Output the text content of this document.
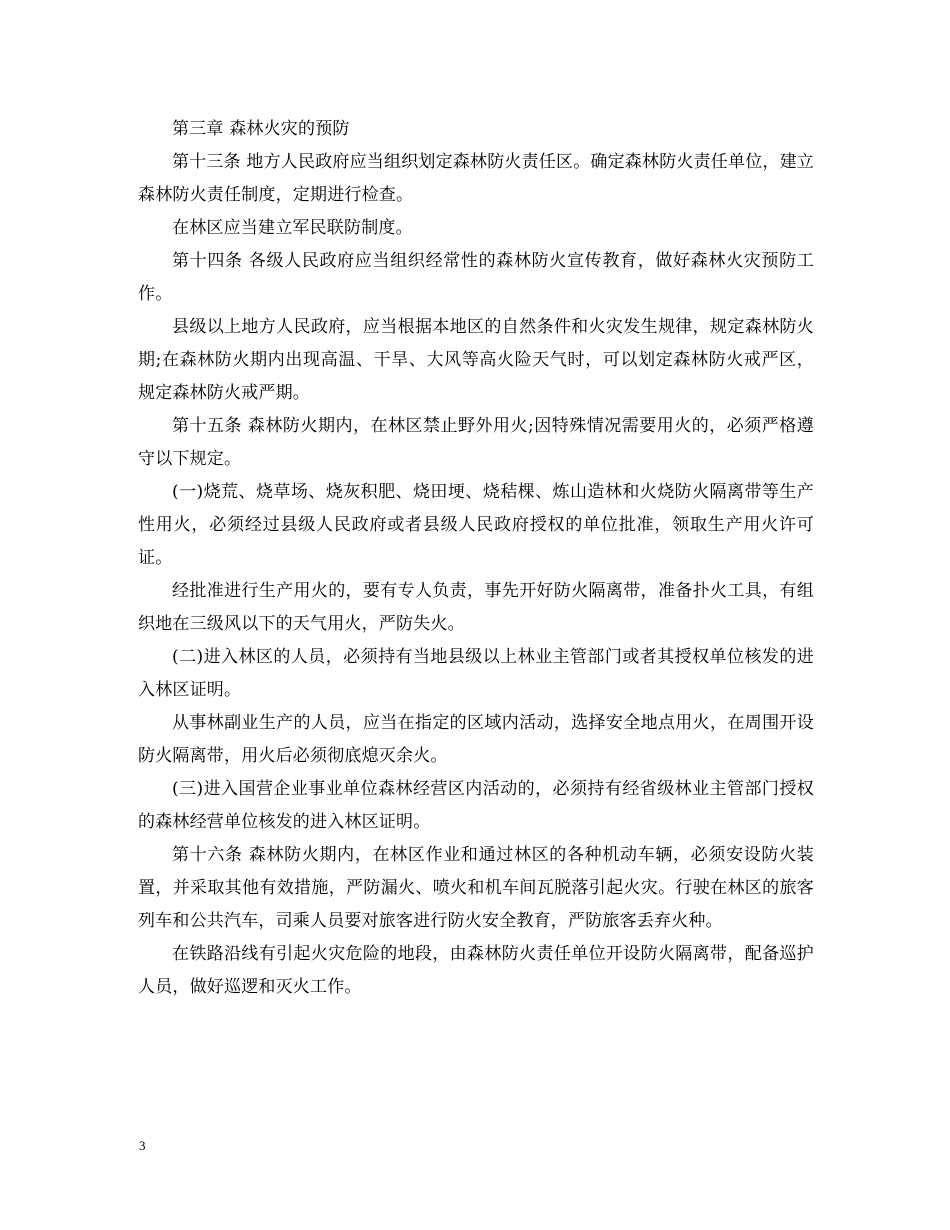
第三章 森林火灾的预防

第十三条 地方人民政府应当组织划定森林防火责任区。确定森林防火责任单位，建立森林防火责任制度，定期进行检查。

在林区应当建立军民联防制度。

第十四条 各级人民政府应当组织经常性的森林防火宣传教育，做好森林火灾预防工作。

县级以上地方人民政府，应当根据本地区的自然条件和火灾发生规律，规定森林防火期;在森林防火期内出现高温、干旱、大风等高火险天气时，可以划定森林防火戒严区，规定森林防火戒严期。

第十五条 森林防火期内，在林区禁止野外用火;因特殊情况需要用火的，必须严格遵守以下规定。

(一)烧荒、烧草场、烧灰积肥、烧田埂、烧秸棵、炼山造林和火烧防火隔离带等生产性用火，必须经过县级人民政府或者县级人民政府授权的单位批准，领取生产用火许可证。

经批准进行生产用火的，要有专人负责，事先开好防火隔离带，准备扑火工具，有组织地在三级风以下的天气用火，严防失火。

(二)进入林区的人员，必须持有当地县级以上林业主管部门或者其授权单位核发的进入林区证明。

从事林副业生产的人员，应当在指定的区域内活动，选择安全地点用火，在周围开设防火隔离带，用火后必须彻底熄灭余火。

(三)进入国营企业事业单位森林经营区内活动的，必须持有经省级林业主管部门授权的森林经营单位核发的进入林区证明。

第十六条 森林防火期内，在林区作业和通过林区的各种机动车辆，必须安设防火装置，并采取其他有效措施，严防漏火、喷火和机车间瓦脱落引起火灾。行驶在林区的旅客列车和公共汽车，司乘人员要对旅客进行防火安全教育，严防旅客丢弃火种。

在铁路沿线有引起火灾危险的地段，由森林防火责任单位开设防火隔离带，配备巡护人员，做好巡逻和灭火工作。

3
